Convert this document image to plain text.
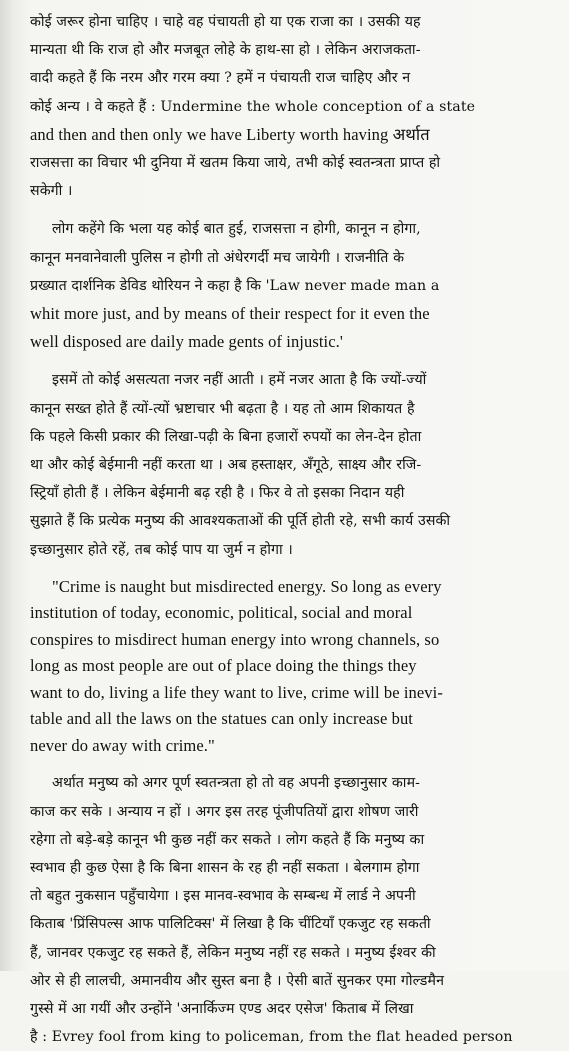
कोई जरूर होना चाहिए । चाहे वह पंचायती हो या एक राजा का । उसकी यह
मान्यता थी कि राज हो और मजबूत लोहे के हाथ-सा हो । लेकिन अराजकता-
वादी कहते हैं कि नरम और गरम क्या ? हमें न पंचायती राज चाहिए और न
कोई अन्य । वे कहते हैं : Undermine the whole conception of a state
and then and then only we have Liberty worth having अर्थात
राजसत्ता का विचार भी दुनिया में खतम किया जाये, तभी कोई स्वतन्त्रता प्राप्त हो
सकेगी ।
लोग कहेंगे कि भला यह कोई बात हुई, राजसत्ता न होगी, कानून न होगा,
कानून मनवानेवाली पुलिस न होगी तो अंधेरगर्दी मच जायेगी । राजनीति के
प्रख्यात दार्शनिक डेविड थोरियन ने कहा है कि 'Law never made man a
whit more just, and by means of their respect for it even the
well disposed are daily made gents of injustic.'
इसमें तो कोई असत्यता नजर नहीं आती । हमें नजर आता है कि ज्यों-ज्यों
कानून सख्त होते हैं त्यों-त्यों भ्रष्टाचार भी बढ़ता है । यह तो आम शिकायत है
कि पहले किसी प्रकार की लिखा-पढ़ी के बिना हजारों रुपयों का लेन-देन होता
था और कोई बेईमानी नहीं करता था । अब हस्ताक्षर, अँगूठे, साक्ष्य और रजि-
स्ट्रियाँ होती हैं । लेकिन बेईमानी बढ़ रही है । फिर वे तो इसका निदान यही
सुझाते हैं कि प्रत्येक मनुष्य की आवश्यकताओं की पूर्ति होती रहे, सभी कार्य उसकी
इच्छानुसार होते रहें, तब कोई पाप या जुर्म न होगा ।
"Crime is naught but misdirected energy. So long as every
institution of today, economic, political, social and moral
conspires to misdirect human energy into wrong channels, so
long as most people are out of place doing the things they
want to do, living a life they want to live, crime will be inevi-
table and all the laws on the statues can only increase but
never do away with crime."
अर्थात मनुष्य को अगर पूर्ण स्वतन्त्रता हो तो वह अपनी इच्छानुसार काम-
काज कर सके । अन्याय न हों । अगर इस तरह पूंजीपतियों द्वारा शोषण जारी
रहेगा तो बड़े-बड़े कानून भी कुछ नहीं कर सकते । लोग कहते हैं कि मनुष्य का
स्वभाव ही कुछ ऐसा है कि बिना शासन के रह ही नहीं सकता । बेलगाम होगा
तो बहुत नुकसान पहुँचायेगा । इस मानव-स्वभाव के सम्बन्ध में लार्ड ने अपनी
किताब 'प्रिंसिपल्स आफ पालिटिक्स' में लिखा है कि चींटियाँ एकजुट रह सकती
हैं, जानवर एकजुट रह सकते हैं, लेकिन मनुष्य नहीं रह सकते । मनुष्य ईश्वर की
ओर से ही लालची, अमानवीय और सुस्त बना है । ऐसी बातें सुनकर एमा गोल्डमैन
गुस्से में आ गयीं और उन्होंने 'अनार्किज्म एण्ड अदर एसेज' किताब में लिखा
है : Evrey fool from king to policeman, from the flat headed person
